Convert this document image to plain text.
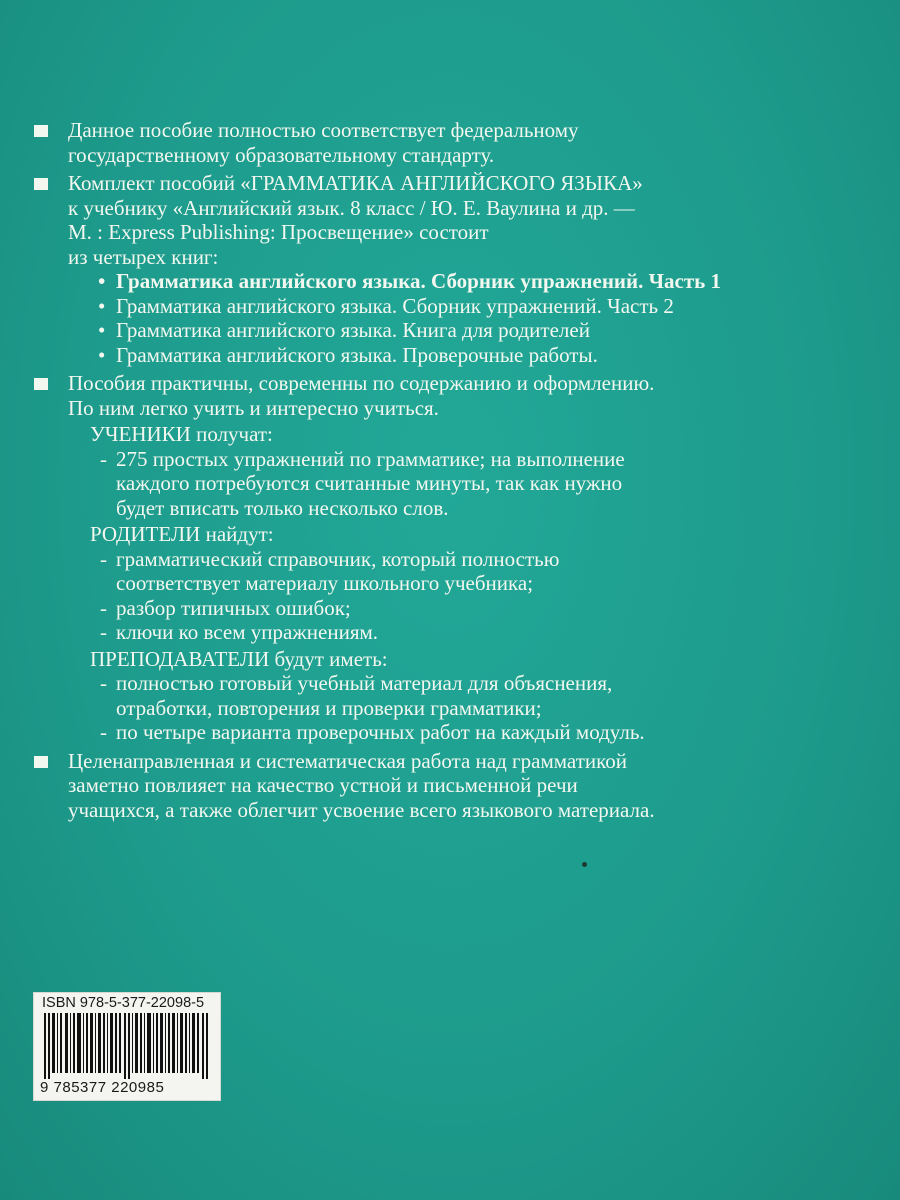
Данное пособие полностью соответствует федеральному
государственному образовательному стандарту.
Комплект пособий «ГРАММАТИКА АНГЛИЙСКОГО ЯЗЫКА»
к учебнику «Английский язык. 8 класс / Ю. Е. Ваулина и др. —
М. : Express Publishing: Просвещение» состоит
из четырех книг:
• Грамматика английского языка. Сборник упражнений. Часть 1
• Грамматика английского языка. Сборник упражнений. Часть 2
• Грамматика английского языка. Книга для родителей
• Грамматика английского языка. Проверочные работы.
Пособия практичны, современны по содержанию и оформлению.
По ним легко учить и интересно учиться.
УЧЕНИКИ получат:
- 275 простых упражнений по грамматике; на выполнение
каждого потребуются считанные минуты, так как нужно
будет вписать только несколько слов.
РОДИТЕЛИ найдут:
- грамматический справочник, который полностью
соответствует материалу школьного учебника;
- разбор типичных ошибок;
- ключи ко всем упражнениям.
ПРЕПОДАВАТЕЛИ будут иметь:
- полностью готовый учебный материал для объяснения,
отработки, повторения и проверки грамматики;
- по четыре варианта проверочных работ на каждый модуль.
Целенаправленная и систематическая работа над грамматикой
заметно повлияет на качество устной и письменной речи
учащихся, а также облегчит усвоение всего языкового материала.
ISBN 978-5-377-22098-5
9 785377 220985
